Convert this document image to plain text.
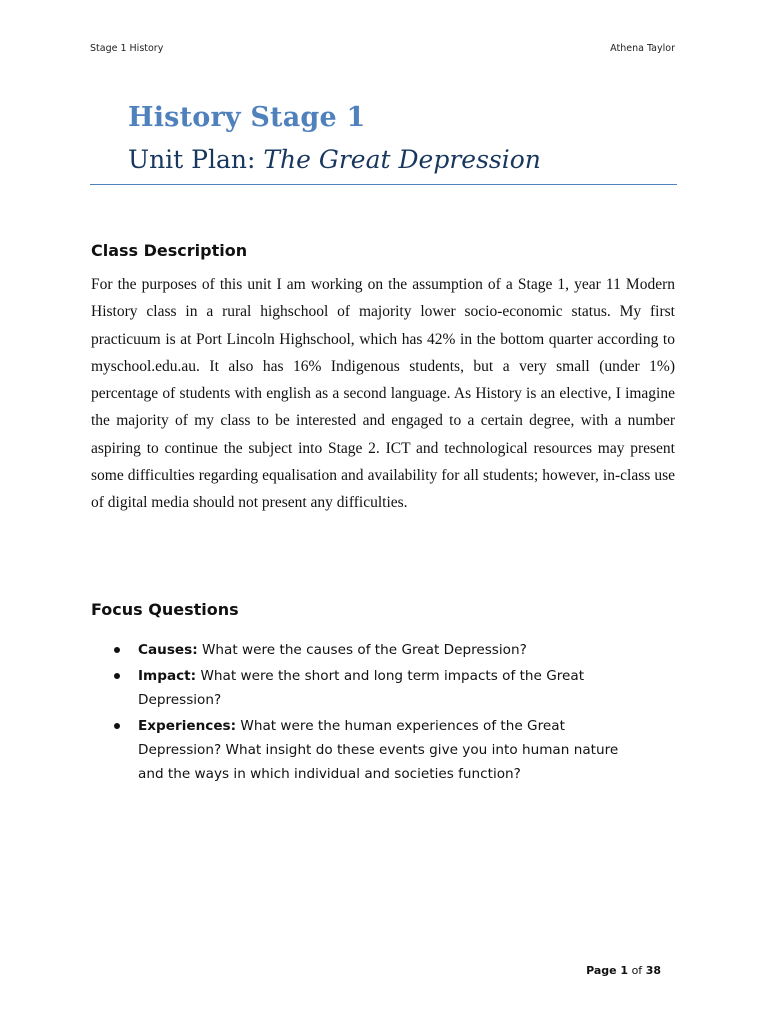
Stage 1 History	Athena Taylor
History Stage 1
Unit Plan: The Great Depression
Class Description

For the purposes of this unit I am working on the assumption of a Stage 1, year 11 Modern History class in a rural highschool of majority lower socio-economic status. My first practicuum is at Port Lincoln Highschool, which has 42% in the bottom quarter according to myschool.edu.au. It also has 16% Indigenous students, but a very small (under 1%) percentage of students with english as a second language. As History is an elective, I imagine the majority of my class to be interested and engaged to a certain degree, with a number aspiring to continue the subject into Stage 2. ICT and technological resources may present some difficulties regarding equalisation and availability for all students; however, in-class use of digital media should not present any difficulties.

Focus Questions
Causes: What were the causes of the Great Depression?
Impact: What were the short and long term impacts of the Great Depression?
Experiences: What were the human experiences of the Great Depression? What insight do these events give you into human nature and the ways in which individual and societies function?
Page 1 of 38
